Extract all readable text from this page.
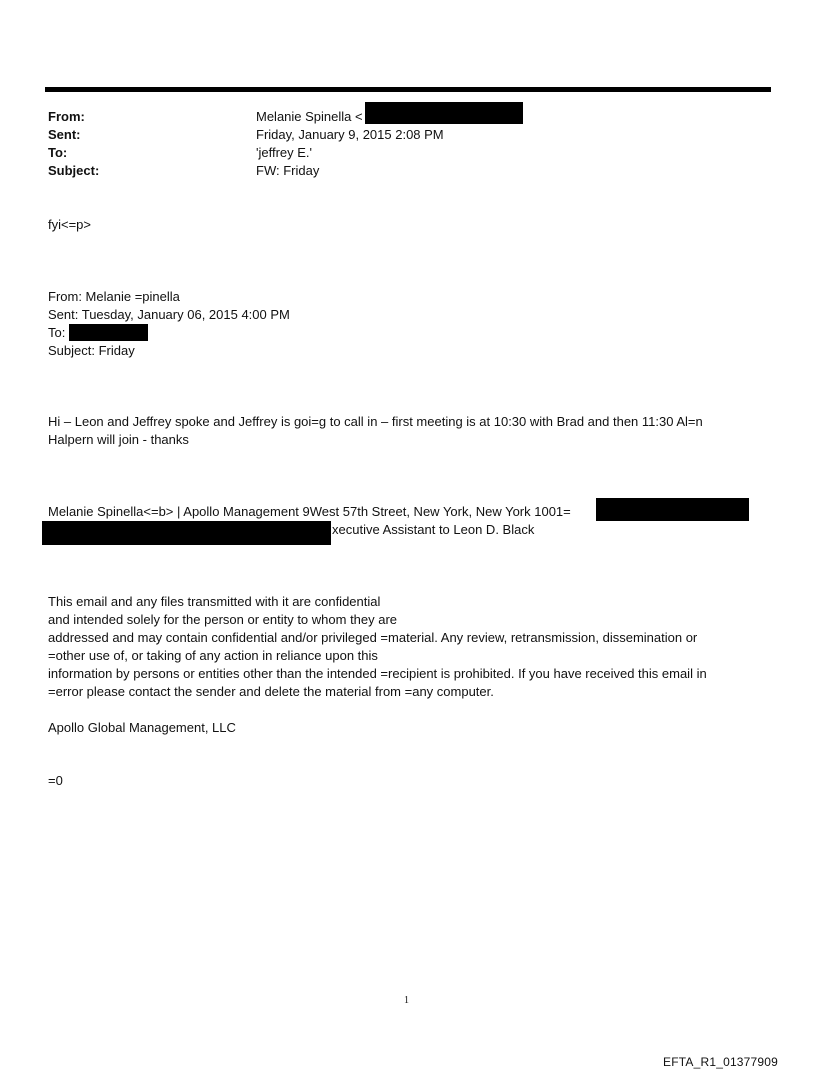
From:	Melanie Spinella <
Sent:	Friday, January 9, 2015 2:08 PM
To:	'jeffrey E.'
Subject:	FW: Friday
fyi<=p>
From: Melanie =pinella
Sent: Tuesday, January 06, 2015 4:00 PM
To:
Subject: Friday
Hi – Leon and Jeffrey spoke and Jeffrey is goi=g to call in – first meeting is at 10:30 with Brad and then 11:30 Al=n
Halpern will join - thanks
Melanie Spinella<=b> | Apollo Management 9West 57th Street, New York, New York 1001=
xecutive Assistant to Leon D. Black
This email and any files transmitted with it are confidential
and intended solely for the person or entity to whom they are
addressed and may contain confidential and/or privileged =material. Any review, retransmission, dissemination or
=other use of, or taking of any action in reliance upon this
information by persons or entities other than the intended =recipient is prohibited. If you have received this email in
=error please contact the sender and delete the material from =any computer.
Apollo Global Management, LLC
=0
1
EFTA_R1_01377909
